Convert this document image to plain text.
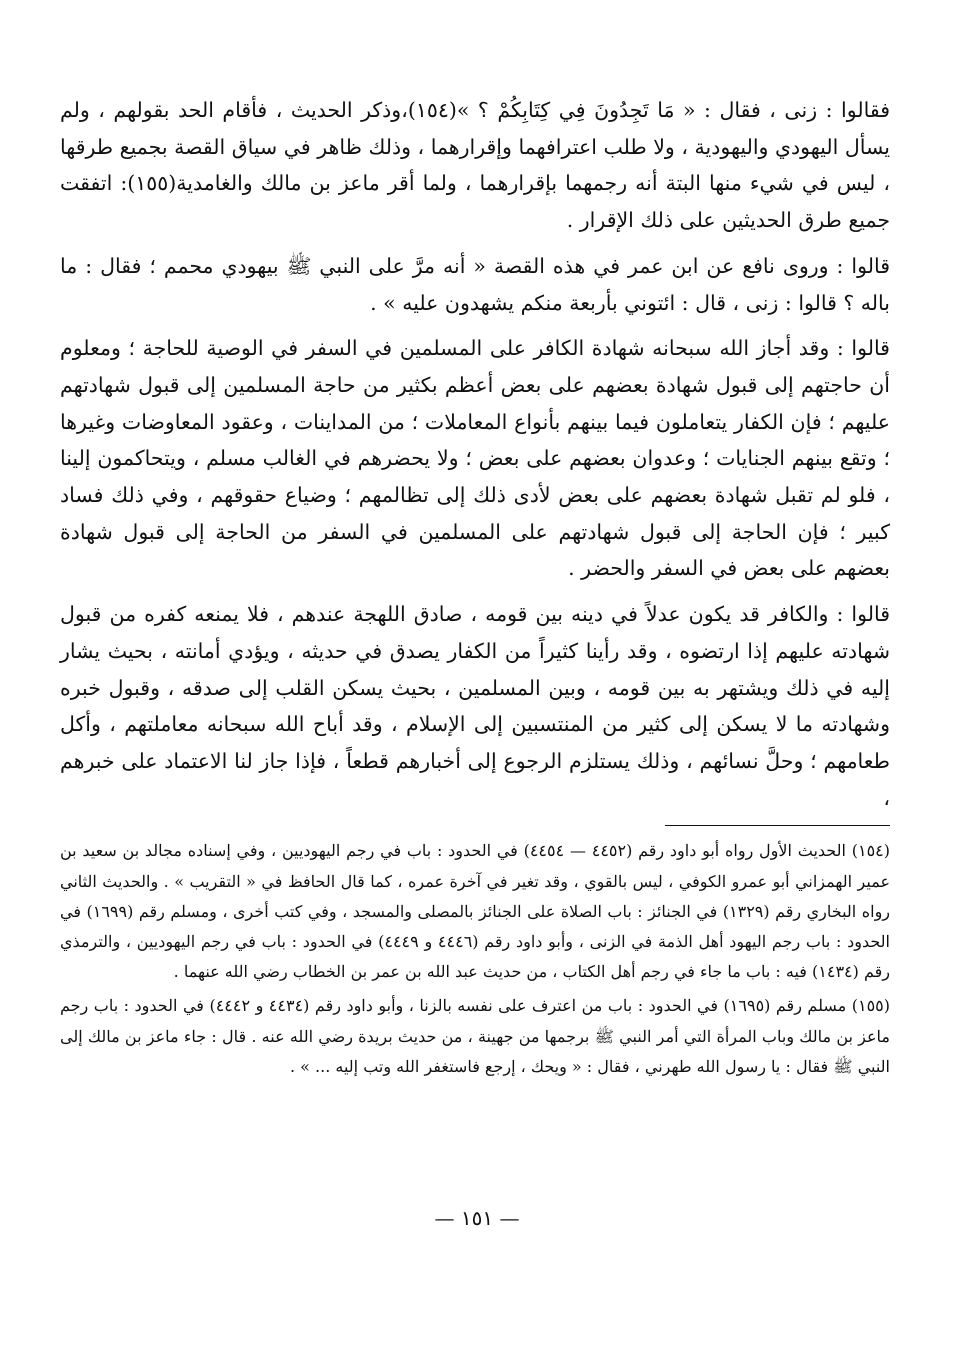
فقالوا : زنى ، فقال : « مَا تَجِدُونَ فِي كِتَابِكُمْ ؟ »(١٥٤)،وذكر الحديث ، فأقام الحد بقولهم ، ولم يسأل اليهودي واليهودية ، ولا طلب اعترافهما وإقرارهما ، وذلك ظاهر في سياق القصة بجميع طرقها ، ليس في شيء منها البتة أنه رجمهما بإقرارهما ، ولما أقر ماعز بن مالك والغامدية(١٥٥): اتفقت جميع طرق الحديثين على ذلك الإقرار .

قالوا : وروى نافع عن ابن عمر في هذه القصة « أنه مرَّ على النبي ﷺ بيهودي محمم ؛ فقال : ما باله ؟ قالوا : زنى ، قال : ائتوني بأربعة منكم يشهدون عليه » .

قالوا : وقد أجاز الله سبحانه شهادة الكافر على المسلمين في السفر في الوصية للحاجة ؛ ومعلوم أن حاجتهم إلى قبول شهادة بعضهم على بعض أعظم بكثير من حاجة المسلمين إلى قبول شهادتهم عليهم ؛ فإن الكفار يتعاملون فيما بينهم بأنواع المعاملات ؛ من المداينات ، وعقود المعاوضات وغيرها ؛ وتقع بينهم الجنايات ؛ وعدوان بعضهم على بعض ؛ ولا يحضرهم في الغالب مسلم ، ويتحاكمون إلينا ، فلو لم تقبل شهادة بعضهم على بعض لأدى ذلك إلى تظالمهم ؛ وضياع حقوقهم ، وفي ذلك فساد كبير ؛ فإن الحاجة إلى قبول شهادتهم على المسلمين في السفر من الحاجة إلى قبول شهادة بعضهم على بعض في السفر والحضر .

قالوا : والكافر قد يكون عدلاً في دينه بين قومه ، صادق اللهجة عندهم ، فلا يمنعه كفره من قبول شهادته عليهم إذا ارتضوه ، وقد رأينا كثيراً من الكفار يصدق في حديثه ، ويؤدي أمانته ، بحيث يشار إليه في ذلك ويشتهر به بين قومه ، وبين المسلمين ، بحيث يسكن القلب إلى صدقه ، وقبول خبره وشهادته ما لا يسكن إلى كثير من المنتسبين إلى الإسلام ، وقد أباح الله سبحانه معاملتهم ، وأكل طعامهم ؛ وحلَّ نسائهم ، وذلك يستلزم الرجوع إلى أخبارهم قطعاً ، فإذا جاز لنا الاعتماد على خبرهم ،

(١٥٤) الحديث الأول رواه أبو داود رقم (٤٤٥٢ — ٤٤٥٤) في الحدود : باب في رجم اليهوديين ، وفي إسناده مجالد بن سعيد بن عمير الهمزاني أبو عمرو الكوفي ، ليس بالقوي ، وقد تغير في آخرة عمره ، كما قال الحافظ في « التقريب » . والحديث الثاني رواه البخاري رقم (١٣٢٩) في الجنائز : باب الصلاة على الجنائز بالمصلى والمسجد ، وفي كتب أخرى ، ومسلم رقم (١٦٩٩) في الحدود : باب رجم اليهود أهل الذمة في الزنى ، وأبو داود رقم (٤٤٤٦ و ٤٤٤٩) في الحدود : باب في رجم اليهوديين ، والترمذي رقم (١٤٣٤) فيه : باب ما جاء في رجم أهل الكتاب ، من حديث عبد الله بن عمر بن الخطاب رضي الله عنهما .

(١٥٥) مسلم رقم (١٦٩٥) في الحدود : باب من اعترف على نفسه بالزنا ، وأبو داود رقم (٤٤٣٤ و ٤٤٤٢) في الحدود : باب رجم ماعز بن مالك وباب المرأة التي أمر النبي ﷺ برجمها من جهينة ، من حديث بريدة رضي الله عنه . قال : جاء ماعز بن مالك إلى النبي ﷺ فقال : يا رسول الله طهرني ، فقال : « ويحك ، إرجع فاستغفر الله وتب إليه ... » .

— ١٥١ —
